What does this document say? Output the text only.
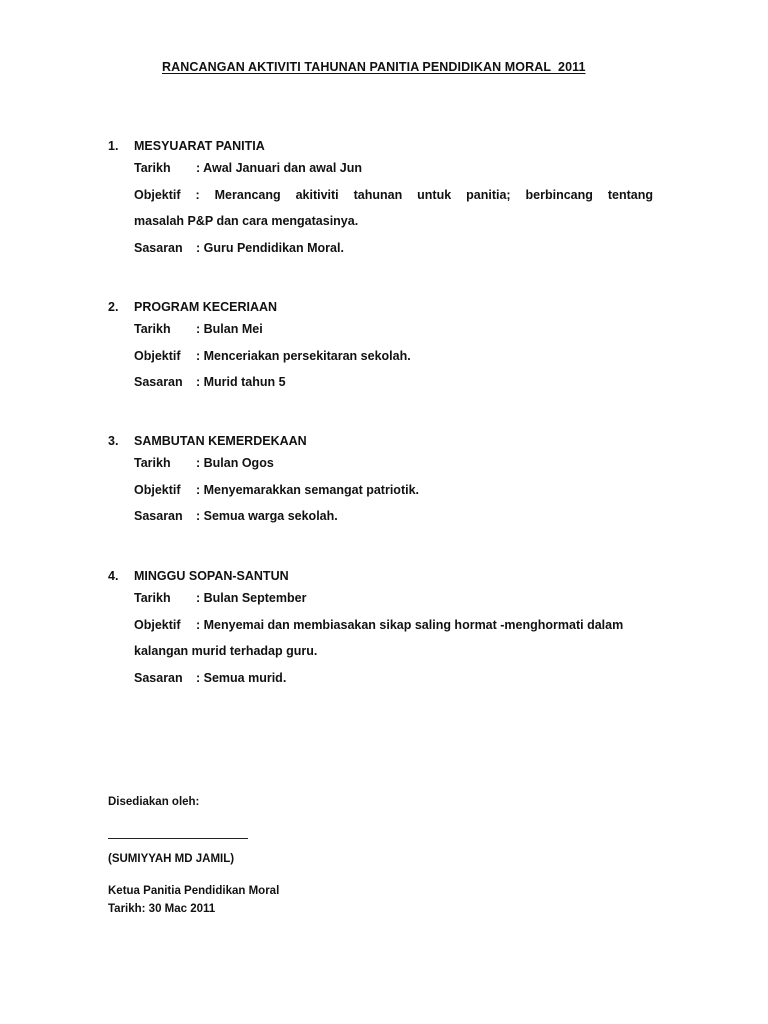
RANCANGAN AKTIVITI TAHUNAN PANITIA PENDIDIKAN MORAL  2011
1. MESYUARAT PANITIA
Tarikh : Awal Januari dan awal Jun
Objektif : Merancang akitiviti tahunan untuk panitia; berbincang tentang
masalah P&P dan cara mengatasinya.
Sasaran : Guru Pendidikan Moral.
2. PROGRAM KECERIAAN
Tarikh : Bulan Mei
Objektif : Menceriakan persekitaran sekolah.
Sasaran : Murid tahun 5
3. SAMBUTAN KEMERDEKAAN
Tarikh : Bulan Ogos
Objektif : Menyemarakkan semangat patriotik.
Sasaran : Semua warga sekolah.
4. MINGGU SOPAN-SANTUN
Tarikh : Bulan September
Objektif : Menyemai dan membiasakan sikap saling hormat -menghormati dalam
kalangan murid terhadap guru.
Sasaran : Semua murid.
Disediakan oleh:
(SUMIYYAH MD JAMIL)
Ketua Panitia Pendidikan Moral
Tarikh: 30 Mac 2011
